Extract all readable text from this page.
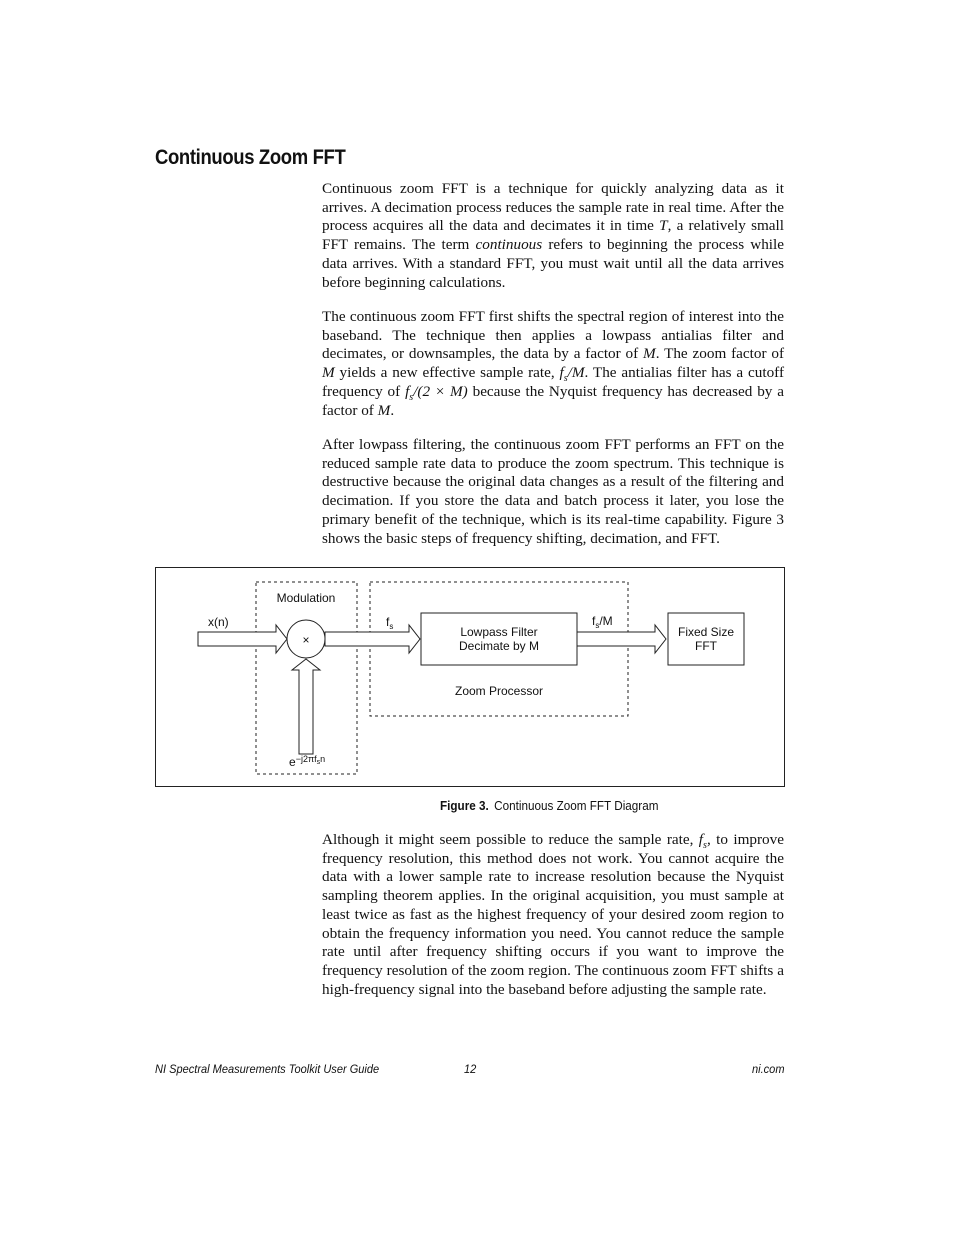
Continuous Zoom FFT

Continuous zoom FFT is a technique for quickly analyzing data as it arrives. A decimation process reduces the sample rate in real time. After the process acquires all the data and decimates it in time T, a relatively small FFT remains. The term continuous refers to beginning the process while data arrives. With a standard FFT, you must wait until all the data arrives before beginning calculations.

The continuous zoom FFT first shifts the spectral region of interest into the baseband. The technique then applies a lowpass antialias filter and decimates, or downsamples, the data by a factor of M. The zoom factor of M yields a new effective sample rate, $f_s/M$. The antialias filter has a cutoff frequency of $f_s/(2 \times M)$ because the Nyquist frequency has decreased by a factor of M.

After lowpass filtering, the continuous zoom FFT performs an FFT on the reduced sample rate data to produce the zoom spectrum. This technique is destructive because the original data changes as a result of the filtering and decimation. If you store the data and batch process it later, you lose the primary benefit of the technique, which is its real-time capability. Figure 3 shows the basic steps of frequency shifting, decimation, and FFT.

Modulation
Zoom Processor
x(n)
×
$e^{-j2\pi f}sn$
$f_s$	Lowpass Filter
Decimate by M
$f_s/M$
Fixed Size
FFT
Figure 3. Continuous Zoom FFT Diagram

Although it might seem possible to reduce the sample rate, $f_s$, to improve frequency resolution, this method does not work. You cannot acquire the data with a lower sample rate to increase resolution because the Nyquist sampling theorem applies. In the original acquisition, you must sample at least twice as fast as the highest frequency of your desired zoom region to obtain the frequency information you need. You cannot reduce the sample rate until after frequency shifting occurs if you want to improve the frequency resolution of the zoom region. The continuous zoom FFT shifts a high-frequency signal into the baseband before adjusting the sample rate.

NI Spectral Measurements Toolkit User Guide	12	ni.com
